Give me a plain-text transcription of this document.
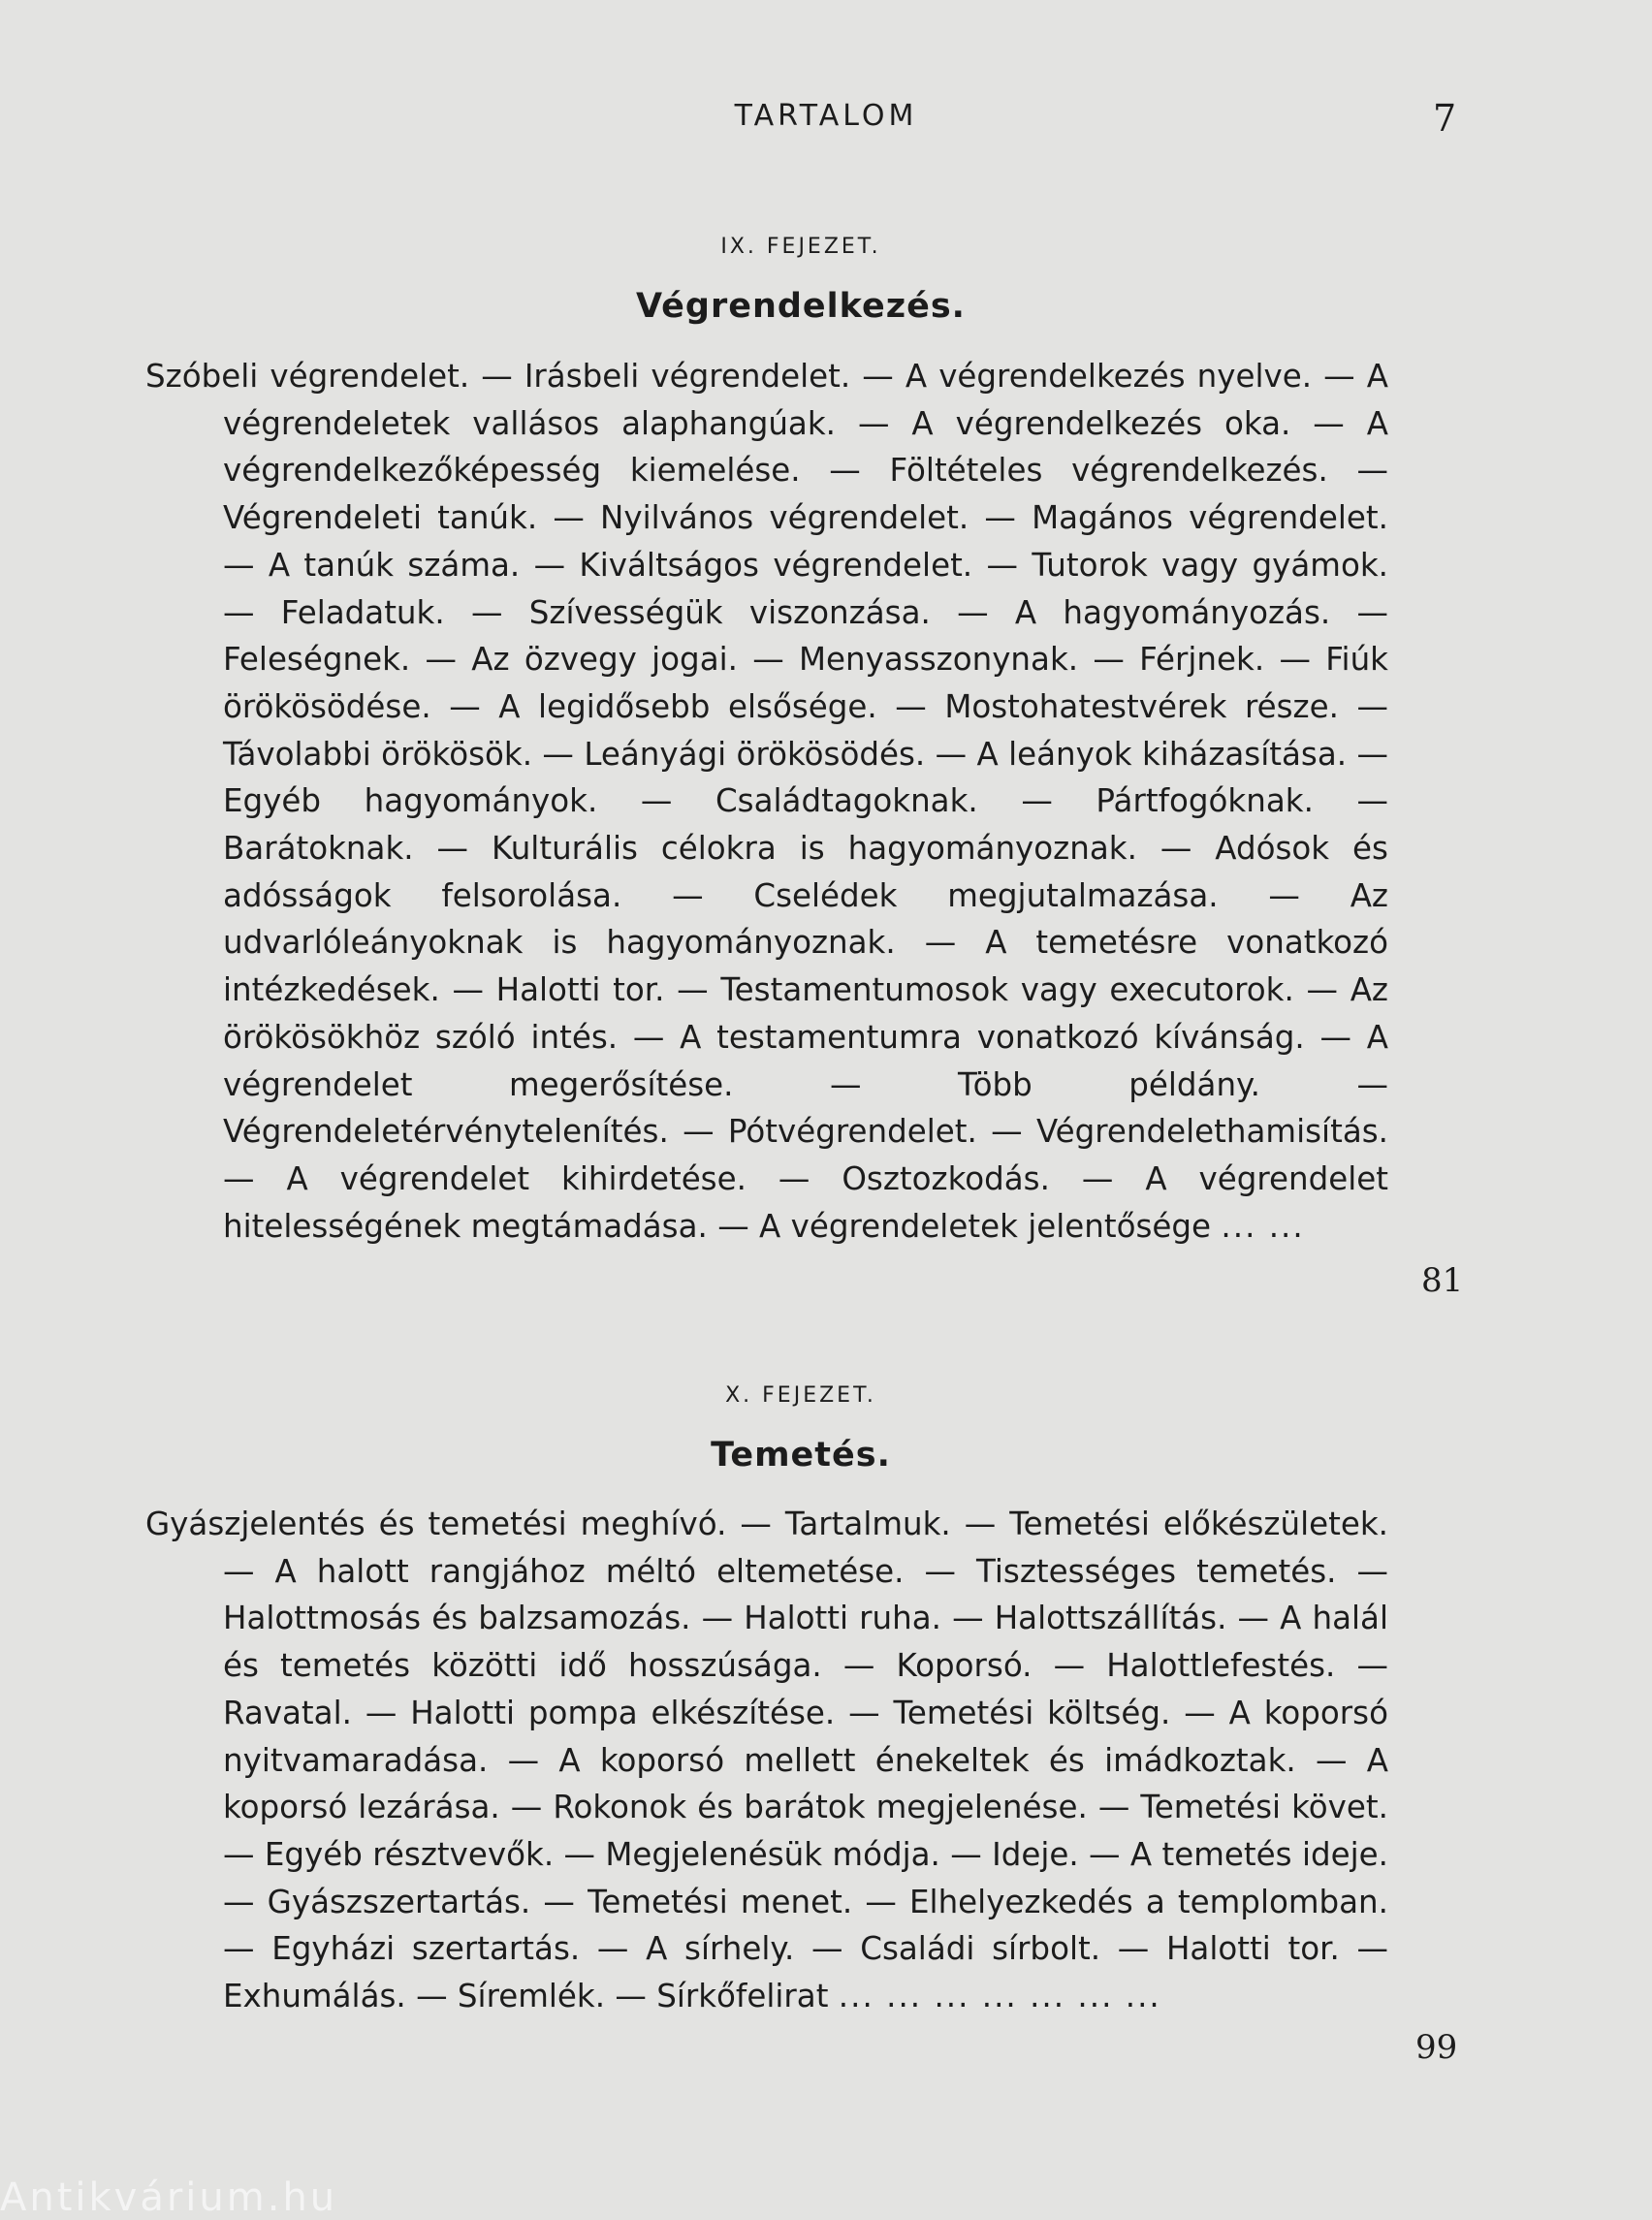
TARTALOM	7
IX. FEJEZET.
Végrendelkezés.
Szóbeli végrendelet. — Irásbeli végrendelet. — A végrendelkezés nyelve. — A végrendeletek vallásos alaphangúak. — A végrendelkezés oka. — A végrendelkezőképesség kiemelése. — Föltételes végrendelkezés. — Végrendeleti tanúk. — Nyilvános végrendelet. — Magános végrendelet. — A tanúk száma. — Kiváltságos végrendelet. — Tutorok vagy gyámok. — Feladatuk. — Szívességük viszonzása. — A hagyományozás. — Feleségnek. — Az özvegy jogai. — Menyasszonynak. — Férjnek. — Fiúk örökösödése. — A legidősebb elsősége. — Mostohatestvérek része. — Távolabbi örökösök. — Leányági örökösödés. — A leányok kiházasítása. — Egyéb hagyományok. — Családtagoknak. — Pártfogóknak. — Barátoknak. — Kulturális célokra is hagyományoznak. — Adósok és adósságok felsorolása. — Cselédek megjutalmazása. — Az udvarlóleányoknak is hagyományoznak. — A temetésre vonatkozó intézkedések. — Halotti tor. — Testamentumosok vagy executorok. — Az örökösökhöz szóló intés. — A testamentumra vonatkozó kívánság. — A végrendelet megerősítése. — Több példány. — Végrendeletérvénytelenítés. — Pótvégrendelet. — Végrendelethamisítás. — A végrendelet kihirdetése. — Osztozkodás. — A végrendelet hitelességének megtámadása. — A végrendeletek jelentősége ... ...
81
X. FEJEZET.
Temetés.
Gyászjelentés és temetési meghívó. — Tartalmuk. — Temetési előkészületek. — A halott rangjához méltó eltemetése. — Tisztességes temetés. — Halottmosás és balzsamozás. — Halotti ruha. — Halottszállítás. — A halál és temetés közötti idő hosszúsága. — Koporsó. — Halottlefestés. — Ravatal. — Halotti pompa elkészítése. — Temetési költség. — A koporsó nyitvamaradása. — A koporsó mellett énekeltek és imádkoztak. — A koporsó lezárása. — Rokonok és barátok megjelenése. — Temetési követ. — Egyéb résztvevők. — Megjelenésük módja. — Ideje. — A temetés ideje. — Gyászszertartás. — Temetési menet. — Elhelyezkedés a templomban. — Egyházi szertartás. — A sírhely. — Családi sírbolt. — Halotti tor. — Exhumálás. — Síremlék. — Sírkőfelirat ... ... ... ... ... ... ...
99
Antikvárium.hu
